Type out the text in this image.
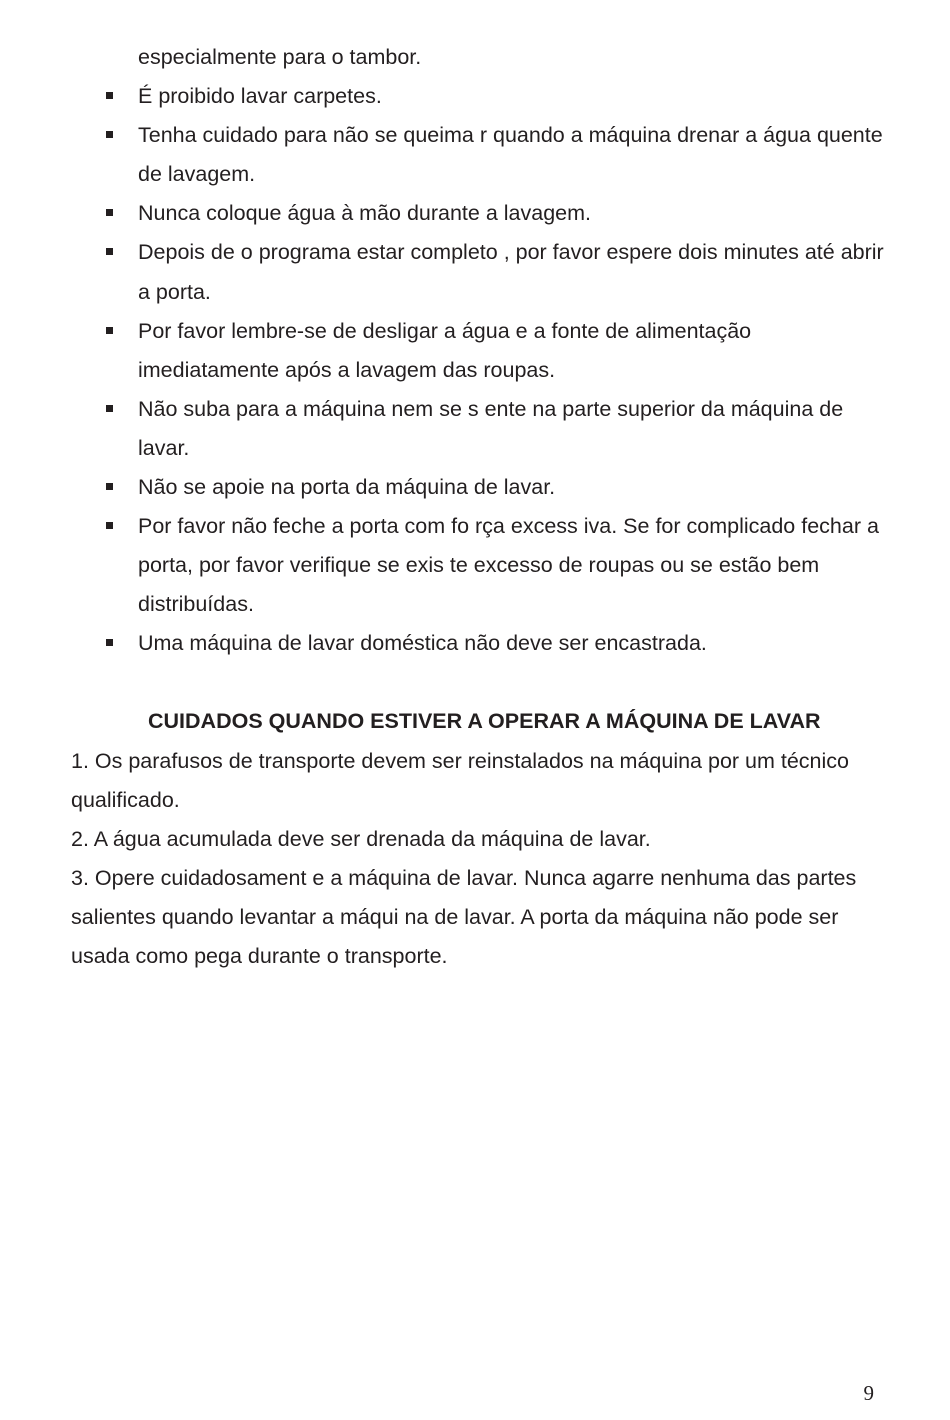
especialmente para o tambor.
É proibido lavar carpetes.
Tenha cuidado para não se queima r quando a máquina drenar a água quente de lavagem.
Nunca coloque água à mão durante a lavagem.
Depois de o programa estar completo , por favor espere dois minutes até abrir a porta.
Por favor lembre-se de desligar a água e a fonte de alimentação imediatamente após a lavagem das roupas.
Não suba para a máquina nem se s ente na parte superior da máquina de lavar.
Não se apoie na porta da máquina de lavar.
Por favor não feche a porta com fo rça excess iva. Se for complicado fechar a porta, por favor verifique se exis te excesso de roupas ou se estão bem distribuídas.
Uma máquina de lavar doméstica não deve ser encastrada.
CUIDADOS QUANDO ESTIVER A OPERAR A MÁQUINA DE LAVAR
1. Os parafusos de transporte devem ser reinstalados na máquina por um técnico qualificado.
2. A água acumulada deve ser drenada da máquina de lavar.
3. Opere cuidadosament e a máquina de lavar. Nunca agarre nenhuma das partes salientes quando levantar a máqui na de lavar. A porta da máquina não pode ser usada como pega durante o transporte.
9
